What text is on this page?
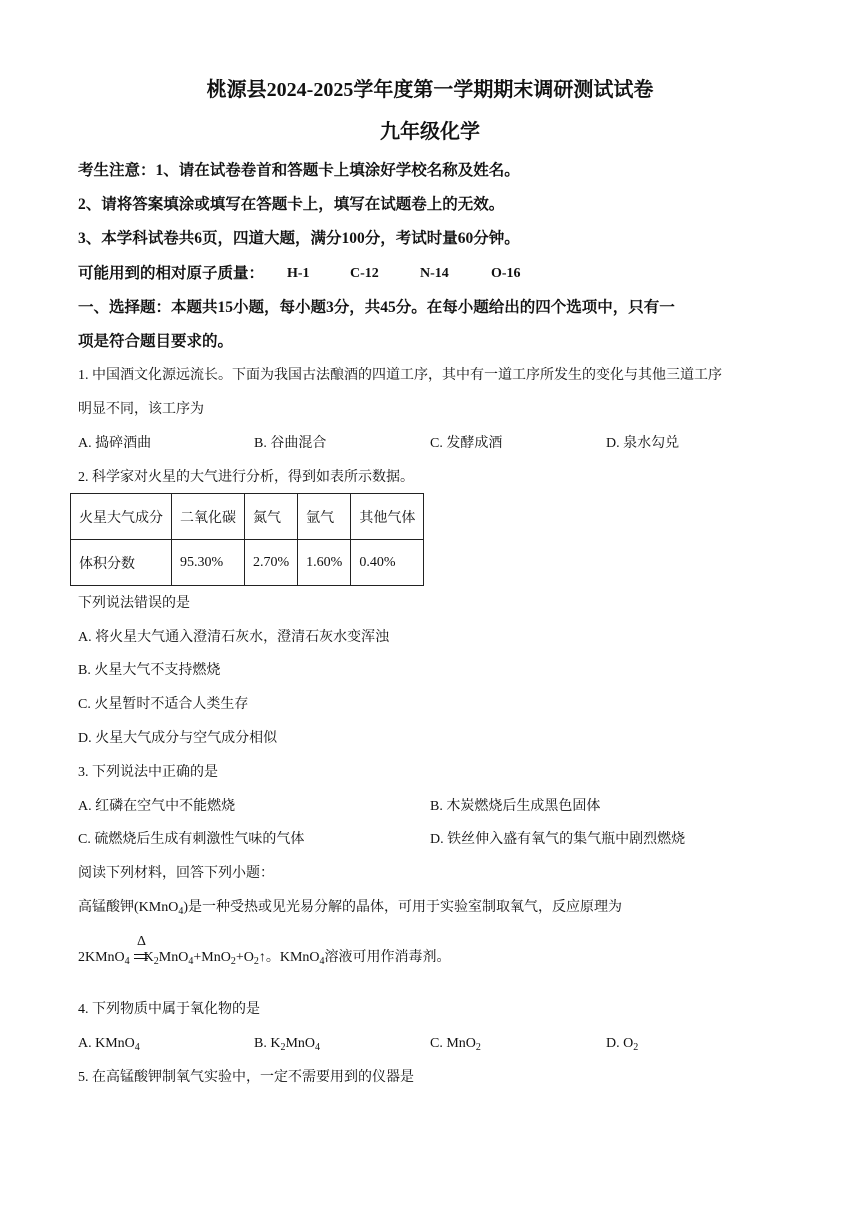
桃源县2024-2025学年度第一学期期末调研测试试卷
九年级化学
考生注意：1、请在试卷卷首和答题卡上填涂好学校名称及姓名。
2、请将答案填涂或填写在答题卡上，填写在试题卷上的无效。
3、本学科试卷共6页，四道大题，满分100分，考试时量60分钟。
可能用到的相对原子质量： H-1	C-12	N-14	O-16
一、选择题：本题共15小题，每小题3分，共45分。在每小题给出的四个选项中，只有一
项是符合题目要求的。
1. 中国酒文化源远流长。下面为我国古法酿酒的四道工序，其中有一道工序所发生的变化与其他三道工序
明显不同，该工序为
A. 捣碎酒曲	B. 谷曲混合	C. 发酵成酒	D. 泉水勾兑
2. 科学家对火星的大气进行分析，得到如表所示数据。
火星大气成分	二氧化碳	氮气	氩气	其他气体
体积分数	95.30%	2.70%	1.60%	0.40%
下列说法错误的是
A. 将火星大气通入澄清石灰水，澄清石灰水变浑浊
B. 火星大气不支持燃烧
C. 火星暂时不适合人类生存
D. 火星大气成分与空气成分相似
3. 下列说法中正确的是
A. 红磷在空气中不能燃烧	B. 木炭燃烧后生成黑色固体
C. 硫燃烧后生成有刺激性气味的气体	D. 铁丝伸入盛有氧气的集气瓶中剧烈燃烧
阅读下列材料，回答下列小题：
高锰酸钾(KMnO$_4$)是一种受热或见光易分解的晶体，可用于实验室制取氧气，反应原理为
Δ
2KMnO$_4$ $K_2MnO_4+MnO_2+O_2↑$。KMnO$_4$溶液可用作消毒剂。
4. 下列物质中属于氧化物的是
A. KMnO$_4$	B. $K_2MnO_4$	C. MnO$_2$	D. $O_2$
5. 在高锰酸钾制氧气实验中，一定不需要用到的仪器是
